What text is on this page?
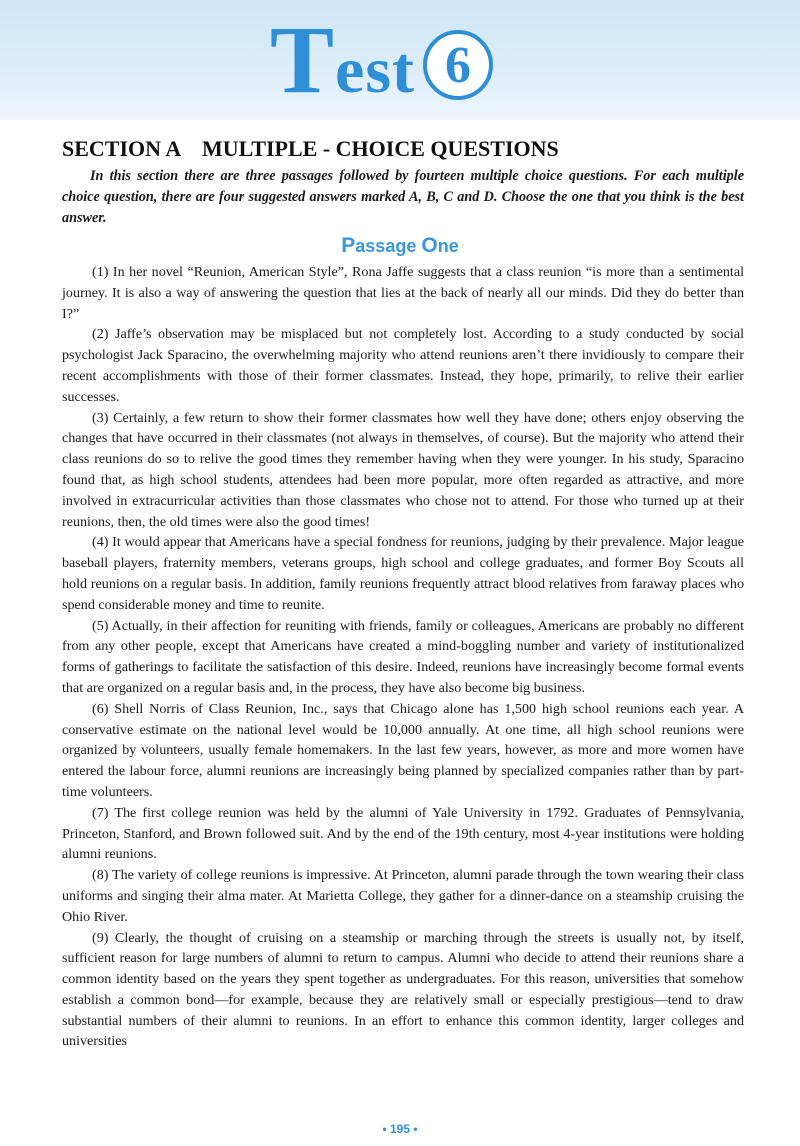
Test 6
SECTION A    MULTIPLE - CHOICE QUESTIONS

In this section there are three passages followed by fourteen multiple choice questions. For each multiple choice question, there are four suggested answers marked A, B, C and D. Choose the one that you think is the best answer.

Passage One

(1) In her novel “Reunion, American Style”, Rona Jaffe suggests that a class reunion “is more than a sentimental journey. It is also a way of answering the question that lies at the back of nearly all our minds. Did they do better than I?”

(2) Jaffe’s observation may be misplaced but not completely lost. According to a study conducted by social psychologist Jack Sparacino, the overwhelming majority who attend reunions aren’t there invidiously to compare their recent accomplishments with those of their former classmates. Instead, they hope, primarily, to relive their earlier successes.

(3) Certainly, a few return to show their former classmates how well they have done; others enjoy observing the changes that have occurred in their classmates (not always in themselves, of course). But the majority who attend their class reunions do so to relive the good times they remember having when they were younger. In his study, Sparacino found that, as high school students, attendees had been more popular, more often regarded as attractive, and more involved in extracurricular activities than those classmates who chose not to attend. For those who turned up at their reunions, then, the old times were also the good times!

(4) It would appear that Americans have a special fondness for reunions, judging by their prevalence. Major league baseball players, fraternity members, veterans groups, high school and college graduates, and former Boy Scouts all hold reunions on a regular basis. In addition, family reunions frequently attract blood relatives from faraway places who spend considerable money and time to reunite.

(5) Actually, in their affection for reuniting with friends, family or colleagues, Americans are probably no different from any other people, except that Americans have created a mind-boggling number and variety of institutionalized forms of gatherings to facilitate the satisfaction of this desire. Indeed, reunions have increasingly become formal events that are organized on a regular basis and, in the process, they have also become big business.

(6) Shell Norris of Class Reunion, Inc., says that Chicago alone has 1,500 high school reunions each year. A conservative estimate on the national level would be 10,000 annually. At one time, all high school reunions were organized by volunteers, usually female homemakers. In the last few years, however, as more and more women have entered the labour force, alumni reunions are increasingly being planned by specialized companies rather than by part-time volunteers.

(7) The first college reunion was held by the alumni of Yale University in 1792. Graduates of Pennsylvania, Princeton, Stanford, and Brown followed suit. And by the end of the 19th century, most 4-year institutions were holding alumni reunions.

(8) The variety of college reunions is impressive. At Princeton, alumni parade through the town wearing their class uniforms and singing their alma mater. At Marietta College, they gather for a dinner-dance on a steamship cruising the Ohio River.

(9) Clearly, the thought of cruising on a steamship or marching through the streets is usually not, by itself, sufficient reason for large numbers of alumni to return to campus. Alumni who decide to attend their reunions share a common identity based on the years they spent together as undergraduates. For this reason, universities that somehow establish a common bond—for example, because they are relatively small or especially prestigious—tend to draw substantial numbers of their alumni to reunions. In an effort to enhance this common identity, larger colleges and universities

• 195 •
